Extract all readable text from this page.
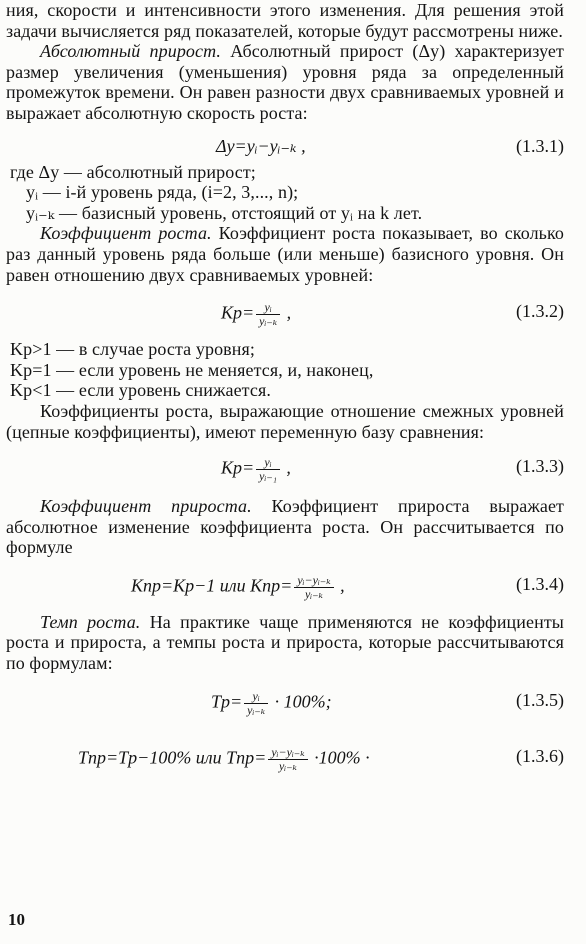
ния, скорости и интенсивности этого изменения. Для решения этой задачи вычисляется ряд показателей, которые будут рассмотрены ниже.

Абсолютный прирост. Абсолютный прирост (Δy) характеризует размер увеличения (уменьшения) уровня ряда за определенный промежуток времени. Он равен разности двух сравниваемых уровней и выражает абсолютную скорость роста:

Δy=yᵢ−yᵢ₋ₖ ,	(1.3.1)

где Δy — абсолютный прирост;

yᵢ — i-й уровень ряда, (i=2, 3,..., n);

yᵢ₋ₖ — базисный уровень, отстоящий от yᵢ на k лет.

Коэффициент роста. Коэффициент роста показывает, во сколько раз данный уровень ряда больше (или меньше) базисного уровня. Он равен отношению двух сравниваемых уровней:

$Kр= \frac{\text{yᵢ}}{\text{yᵢ₋ₖ}}$ ,	(1.3.2)

Kр>1 — в случае роста уровня;

Kр=1 — если уровень не меняется, и, наконец,

Kр<1 — если уровень снижается.

Коэффициенты роста, выражающие отношение смежных уровней (цепные коэффициенты), имеют переменную базу сравнения:

$Kр= \frac{\text{yᵢ}}{\text{yᵢ₋₁}}$ ,	(1.3.3)

Коэффициент прироста. Коэффициент прироста выражает абсолютное изменение коэффициента роста. Он рассчитывается по формуле

Kпр=Kр−1 или $Kпр= \frac{\text{yᵢ−yᵢ₋ₖ}}{\text{yᵢ₋ₖ}}$ ,	(1.3.4)

Темп роста. На практике чаще применяются не коэффициенты роста и прироста, а темпы роста и прироста, которые рассчитываются по формулам:

$Tр= \frac{\text{yᵢ}}{\text{yᵢ₋ₖ}} \cdot 100\%$;	(1.3.5)
Tпр=Tр−100% или $Tпр= \frac{\text{yᵢ−yᵢ₋ₖ}}{\text{yᵢ₋ₖ}} \cdot 100\%$ ·	(1.3.6)
10
